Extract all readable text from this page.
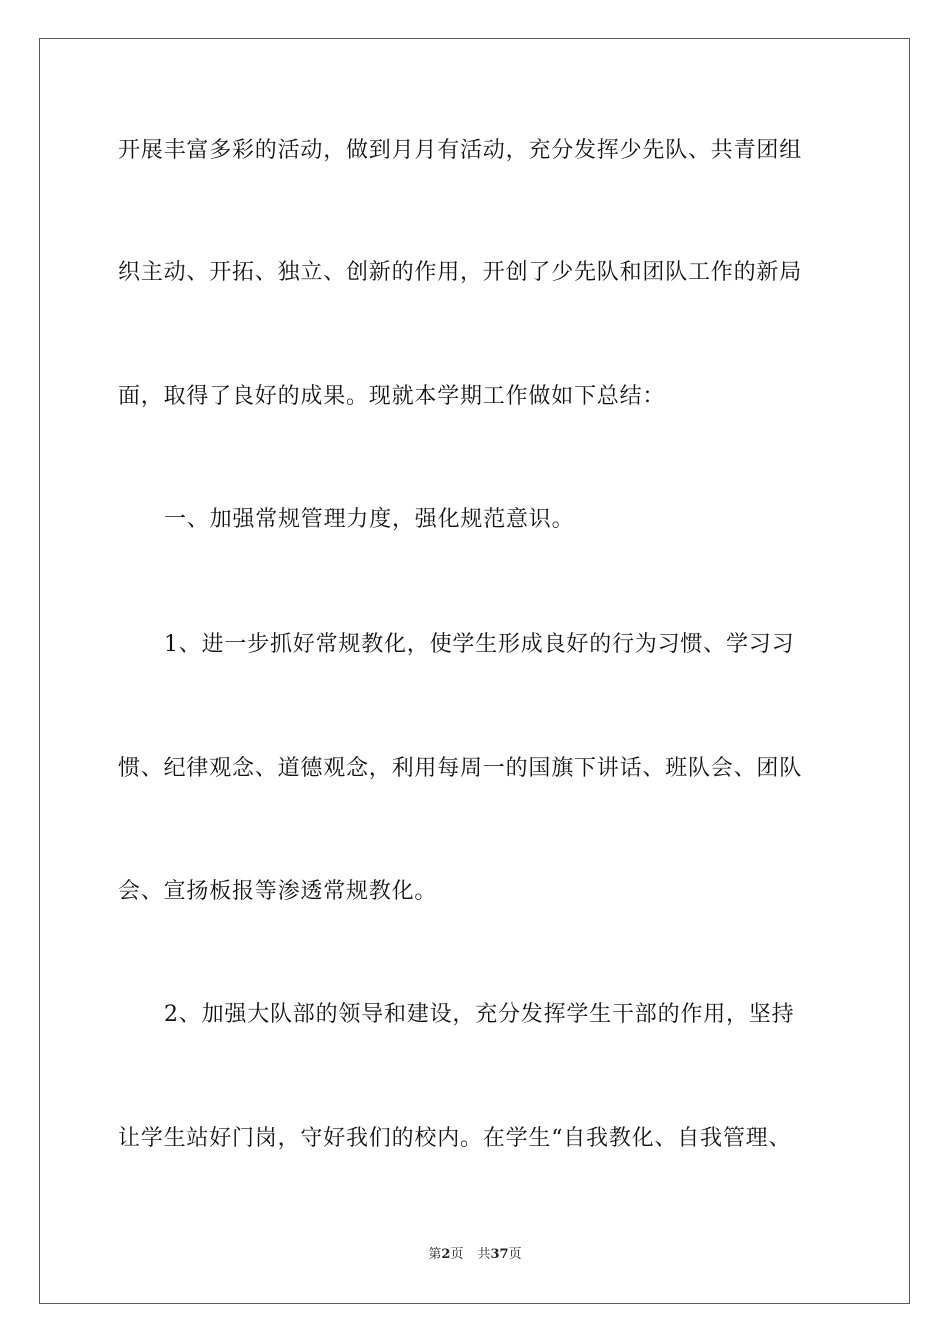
开展丰富多彩的活动，做到月月有活动，充分发挥少先队、共青团组
织主动、开拓、独立、创新的作用，开创了少先队和团队工作的新局
面，取得了良好的成果。现就本学期工作做如下总结：
一、加强常规管理力度，强化规范意识。
1、进一步抓好常规教化，使学生形成良好的行为习惯、学习习
惯、纪律观念、道德观念，利用每周一的国旗下讲话、班队会、团队
会、宣扬板报等渗透常规教化。
2、加强大队部的领导和建设，充分发挥学生干部的作用，坚持
让学生站好门岗，守好我们的校内。在学生“自我教化、自我管理、
第2页 共37页
